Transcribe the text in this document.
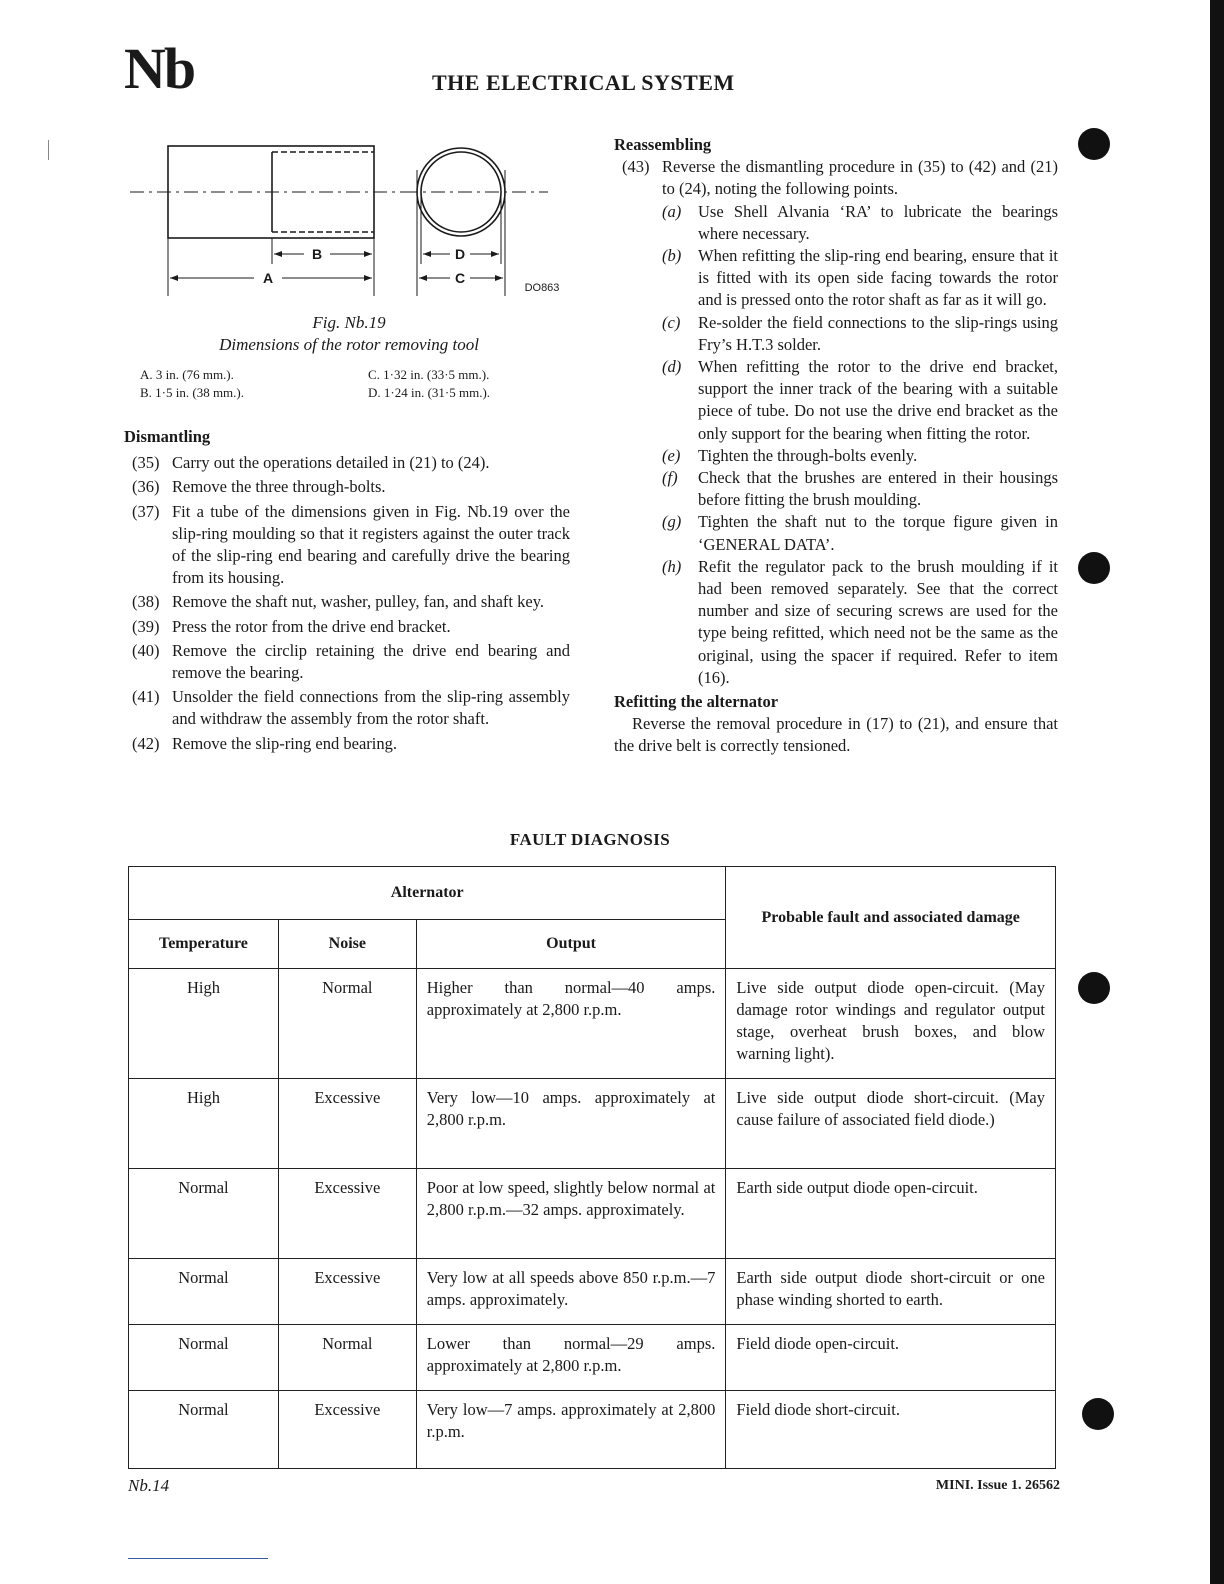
Nb	THE ELECTRICAL SYSTEM
B
A
D
C
DO863
Fig. Nb.19
Dimensions of the rotor removing tool
A. 3 in. (76 mm.).	C. 1·32 in. (33·5 mm.).
B. 1·5 in. (38 mm.).	D. 1·24 in. (31·5 mm.).
Dismantling
(35) Carry out the operations detailed in (21) to (24).
(36) Remove the three through-bolts.
(37) Fit a tube of the dimensions given in Fig. Nb.19 over the slip-ring moulding so that it registers against the outer track of the slip-ring end bearing and carefully drive the bearing from its housing.
(38) Remove the shaft nut, washer, pulley, fan, and shaft key.
(39) Press the rotor from the drive end bracket.
(40) Remove the circlip retaining the drive end bearing and remove the bearing.
(41) Unsolder the field connections from the slip-ring assembly and withdraw the assembly from the rotor shaft.
(42) Remove the slip-ring end bearing.
Reassembling
(43) Reverse the dismantling procedure in (35) to (42) and (21) to (24), noting the following points.
(a) Use Shell Alvania ‘RA’ to lubricate the bearings where necessary.
(b) When refitting the slip-ring end bearing, ensure that it is fitted with its open side facing towards the rotor and is pressed onto the rotor shaft as far as it will go.
(c) Re-solder the field connections to the slip-rings using Fry’s H.T.3 solder.
(d) When refitting the rotor to the drive end bracket, support the inner track of the bearing with a suitable piece of tube. Do not use the drive end bracket as the only support for the bearing when fitting the rotor.
(e) Tighten the through-bolts evenly.
(f) Check that the brushes are entered in their housings before fitting the brush moulding.
(g) Tighten the shaft nut to the torque figure given in ‘GENERAL DATA’.
(h) Refit the regulator pack to the brush moulding if it had been removed separately. See that the correct number and size of securing screws are used for the type being refitted, which need not be the same as the original, using the spacer if required. Refer to item (16).
Refitting the alternator
Reverse the removal procedure in (17) to (21), and ensure that the drive belt is correctly tensioned.
FAULT DIAGNOSIS
Alternator			Probable fault and associated damage
Temperature	Noise	Output	
High	Normal	Higher than normal—40 amps. approximately at 2,800 r.p.m.	Live side output diode open-circuit. (May damage rotor windings and regulator output stage, overheat brush boxes, and blow warning light).
High	Excessive	Very low—10 amps. approximately at 2,800 r.p.m.	Live side output diode short-circuit. (May cause failure of associated field diode.)
Normal	Excessive	Poor at low speed, slightly below normal at 2,800 r.p.m.—32 amps. approximately.	Earth side output diode open-circuit.
Normal	Excessive	Very low at all speeds above 850 r.p.m.—7 amps. approximately.	Earth side output diode short-circuit or one phase winding shorted to earth.
Normal	Normal	Lower than normal—29 amps. approximately at 2,800 r.p.m.	Field diode open-circuit.
Normal	Excessive	Very low—7 amps. approximately at 2,800 r.p.m.	Field diode short-circuit.
Nb.14	MINI. Issue 1. 26562
